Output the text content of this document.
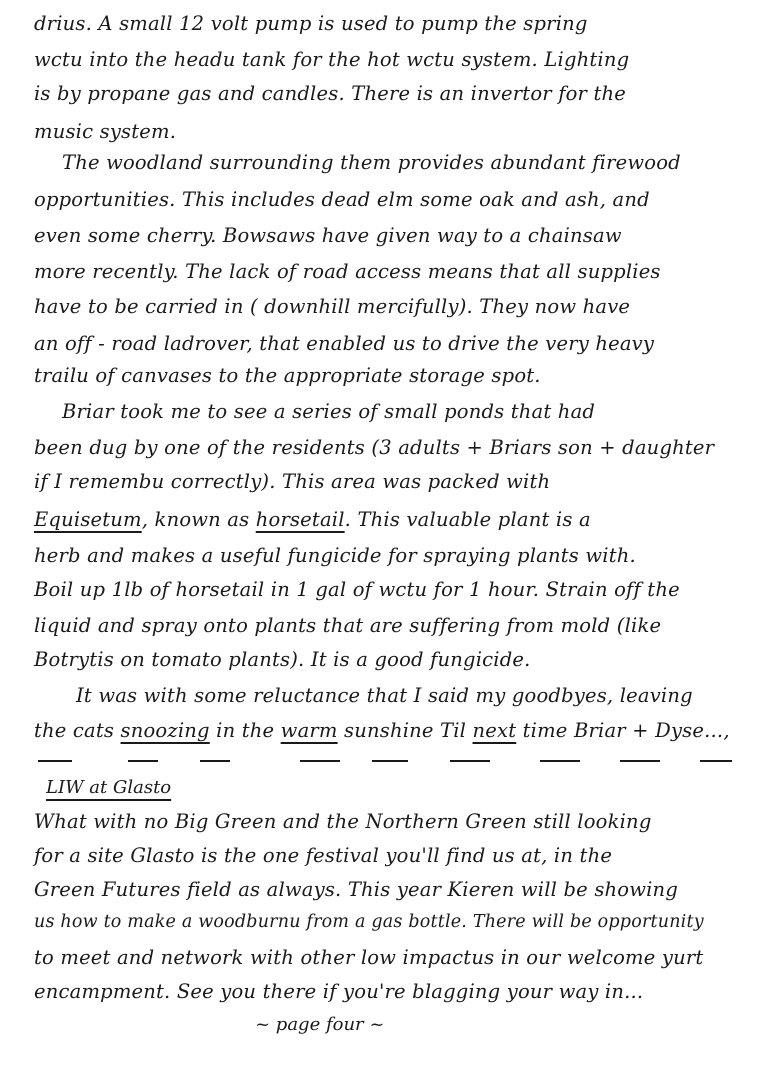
drius. A small 12 volt pump is used to pump the spring
wctu into the headu tank for the hot wctu system. Lighting
is by propane gas and candles. There is an invertor for the
music system.
The woodland surrounding them provides abundant firewood
opportunities. This includes dead elm some oak and ash, and
even some cherry. Bowsaws have given way to a chainsaw
more recently. The lack of road access means that all supplies
have to be carried in ( downhill mercifully). They now have
an off - road ladrover, that enabled us to drive the very heavy
trailu of canvases to the appropriate storage spot.
Briar took me to see a series of small ponds that had
been dug by one of the residents (3 adults + Briars son + daughter
if I remembu correctly). This area was packed with
Equisetum, known as horsetail. This valuable plant is a
herb and makes a useful fungicide for spraying plants with.
Boil up 1lb of horsetail in 1 gal of wctu for 1 hour. Strain off the
liquid and spray onto plants that are suffering from mold (like
Botrytis on tomato plants). It is a good fungicide.
It was with some reluctance that I said my goodbyes, leaving
the cats snoozing in the warm sunshine Til next time Briar + Dyse...,
LIW at Glasto
What with no Big Green and the Northern Green still looking
for a site Glasto is the one festival you'll find us at, in the
Green Futures field as always. This year Kieren will be showing
us how to make a woodburnu from a gas bottle. There will be opportunity
to meet and network with other low impactus in our welcome yurt
encampment. See you there if you're blagging your way in...
~ page four ~
